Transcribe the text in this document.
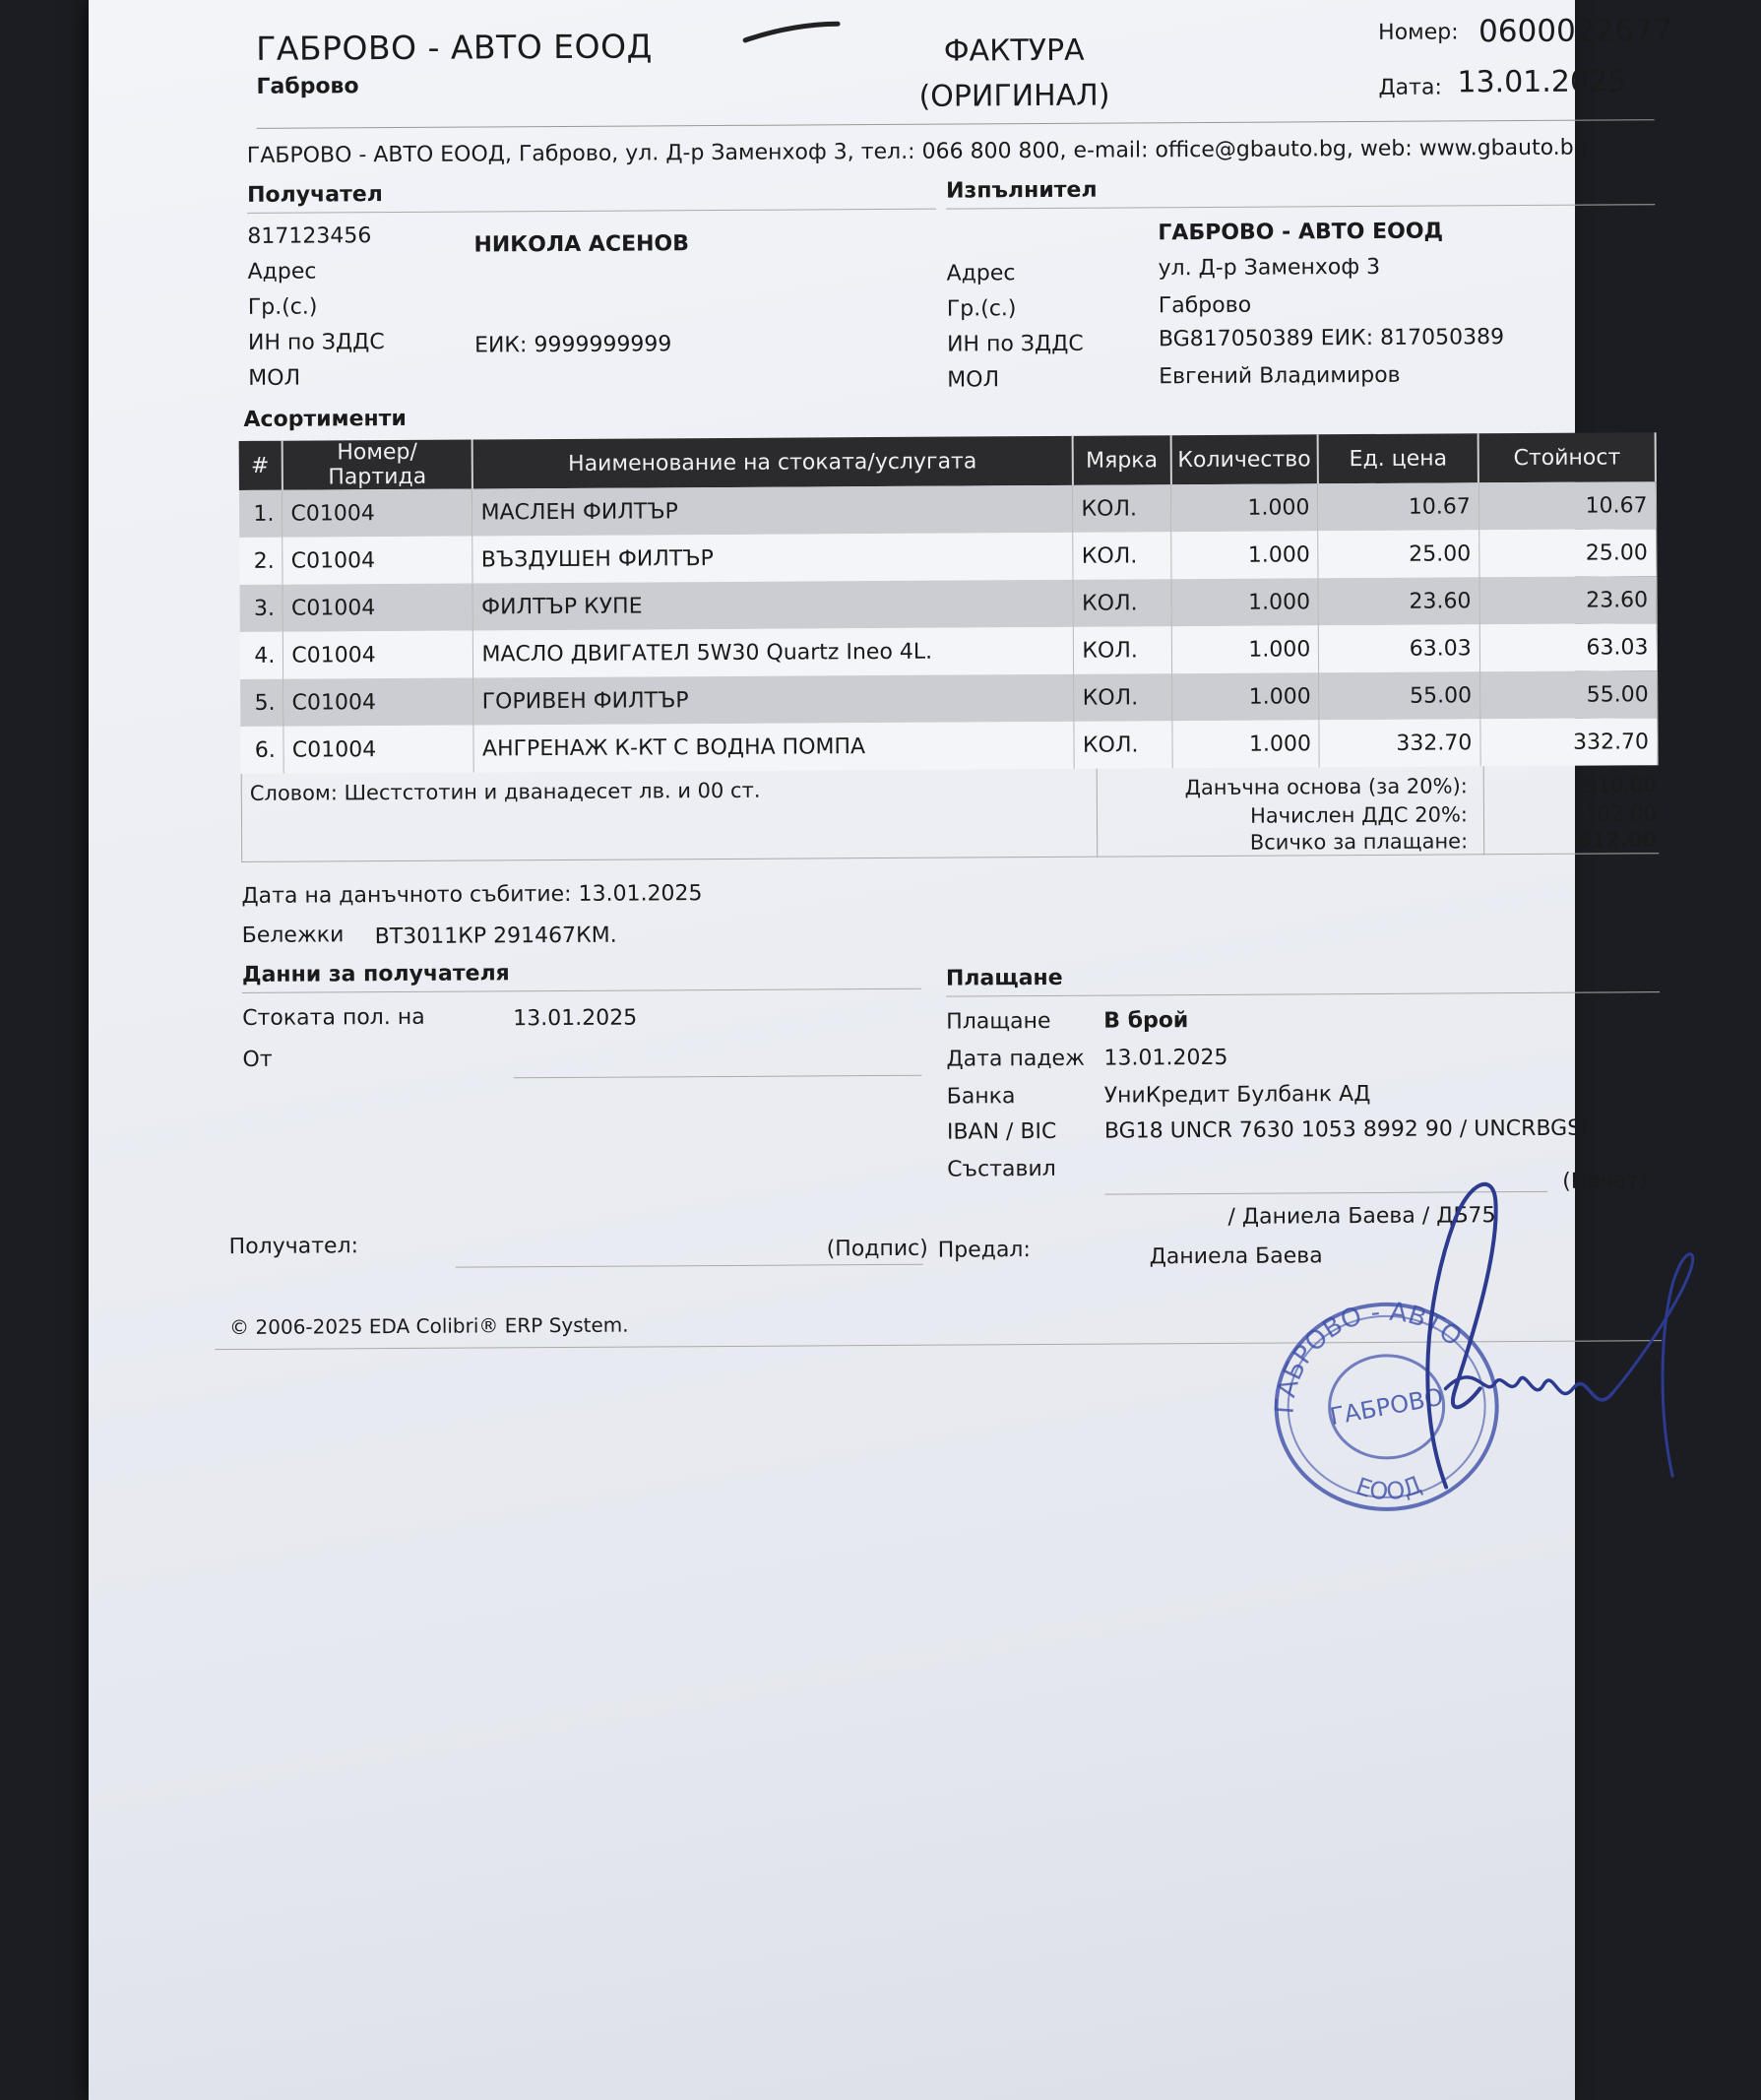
ГАБРОВО - АВТО ЕООД
Габрово
ФАКТУРА
(ОРИГИНАЛ)
Номер: 0600022677
Дата: 13.01.2025
ГАБРОВО - АВТО ЕООД, Габрово, ул. Д-р Заменхоф 3, тел.: 066 800 800, e-mail: office@gbauto.bg, web: www.gbauto.bg
Получател
817123456	НИКОЛА АСЕНОВ
Адрес
Гр.(с.)
ИН по ЗДДС	ЕИК: 9999999999
МОЛ
Изпълнител
ГАБРОВО - АВТО ЕООД
Адрес	ул. Д-р Заменхоф 3
Гр.(с.)	Габрово
ИН по ЗДДС	BG817050389 ЕИК: 817050389
МОЛ	Евгений Владимиров
Асортименти
#	Номер/Партида	Наименование на стоката/услугата	Мярка	Количество	Ед. цена	Стойност
1.	C01004	МАСЛЕН ФИЛТЪР	КОЛ.	1.000	10.67	10.67
2.	C01004	ВЪЗДУШЕН ФИЛТЪР	КОЛ.	1.000	25.00	25.00
3.	C01004	ФИЛТЪР КУПЕ	КОЛ.	1.000	23.60	23.60
4.	C01004	МАСЛО ДВИГАТЕЛ 5W30 Quartz Ineo 4L.	КОЛ.	1.000	63.03	63.03
5.	C01004	ГОРИВЕН ФИЛТЪР	КОЛ.	1.000	55.00	55.00
6.	C01004	АНГРЕНАЖ К-КТ С ВОДНА ПОМПА	КОЛ.	1.000	332.70	332.70
Словом: Шестстотин и дванадесет лв. и 00 ст.	Данъчна основа (за 20%):	510.00
Начислен ДДС 20%:	102.00
Всичко за плащане:	612.00
Дата на данъчното събитие: 13.01.2025
Бележки ВТ3011КР 291467КМ.
Данни за получателя
Стоката пол. на	13.01.2025
От
Плащане
Плащане В брой
Дата падеж 13.01.2025
Банка	УниКредит Булбанк АД
IBAN / BIC BG18 UNCR 7630 1053 8992 90 / UNCRBGSF
Съставил	(Печат)
/ Даниела Баева / ДБ75
Получател:	(Подпис) Предал:	Даниела Баева
© 2006-2025 EDA Colibri® ERP System.
ГАБРОВО - АВТО
ГАБРОВО
ЕООД
